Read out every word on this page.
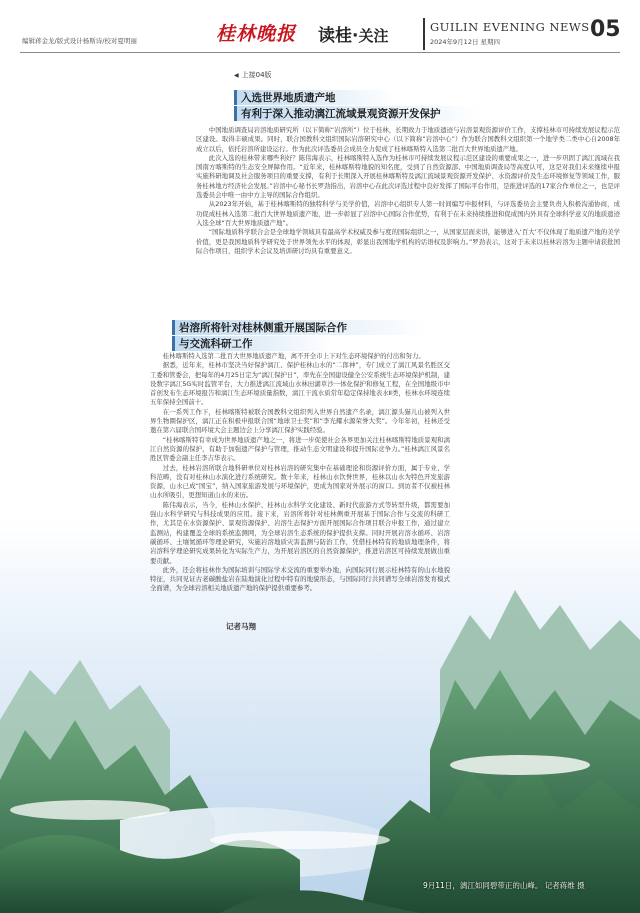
编辑蒋金龙/版式设计杨斯诗/校对夏明丽	桂林晚报 读桂·关注	GUILIN EVENING NEWS
2024年9月12日 星期四	05
◀ 上接04版
入选世界地质遗产地
有利于深入推动漓江流域景观资源开发保护

中国地质调查局岩溶地质研究所（以下简称“岩溶所”）位于桂林，长期致力于地质遗迹与岩溶景观资源评价工作，支撑桂林市可持续发展议程示范区建设。取得丰硕成果。同时，联合国教科文组织国际岩溶研究中心（以下简称“岩溶中心”）作为联合国教科文组织第一个地学类二类中心自2008年成立以后，依托岩溶所建设运行。作为此次评选委员会成员全力促成了桂林喀斯特入选第二批百大世界地质遗产地。

此次入选的桂林带来哪些利好？陈伟海表示，桂林喀斯特入选作为桂林市可持续发展议程示范区建设的重要成果之一，进一步巩固了漓江流域在我国南方喀斯特的生态安全屏障作用。“近年来，桂林喀斯特地貌的知名度，受到了自然资源部、中国地质调查局等高度认可，这是对我们未来继续申报实施科研地调及社会服务项目的重要支撑，有利于长期深入开展桂林喀斯特及漓江流域景观资源开发保护、水资源评价及生态环境修复等领域工作，服务桂林地方经济社会发展。”岩溶中心秘书长罗劲指出，岩溶中心在此次评选过程中良好发挥了国际平台作用，是推进评选的17家合作单位之一，也是评选委员会中唯一由中方主导的国际合作组织。

从2023年开始，基于桂林喀斯特的独特科学与美学价值，岩溶中心组织专人第一时间编写申报材料，与评选委员会主要负责人积极沟通协商，成功促成桂林入选第二批百大世界地质遗产地，进一步彰显了岩溶中心国际合作优势，有利于在未来持续推进和促成国内外具有全球科学意义的地质遗迹入选全球“百大世界地质遗产地”。

“国际地质科学联合会是全球地学领域具有最高学术权威及参与度的国际组织之一，从国家层面来讲，能够进入‘百大’不仅体现了地质遗产地的美学价值，更是我国地质科学研究处于世界领先水平的体现，彰显出我国地学机构的话语权及影响力。”罗劲表示，这对于未来以桂林岩溶为主题申请获批国际合作项目，组织学术会议及培训研讨均具有重要意义。

岩溶所将针对桂林侧重开展国际合作
与交流科研工作

桂林喀斯特入选第二批百大世界地质遗产地，离不开全市上下对生态环境保护的付出和努力。

据悉，近年来，桂林市坚决当好保护漓江、保护桂林山水的“二郎神”，专门成立了漓江风景名胜区交工委和管委会，把每年的4月25日定为“漓江保护日”，率先在全国建设健全公安系统生态环境保护机制，建设数字漓江5G实时监管平台，大力推进漓江流域山水林田湖草沙一体化保护和修复工程，在全国地级市中首创发布生态环境报告和漓江生态环境质量指数，漓江干流水质常年稳定保持地表水Ⅱ类，桂林水环境连续五年保持全国前十。

在一系列工作下，桂林喀斯特被联合国教科文组织列入世界自然遗产名录，漓江源头猫儿山被列入世界生物圈保护区，漓江正在积极申报联合国“地球卫士奖”和“李光耀水源荣誉大奖”。今年年初，桂林还受邀在第六届联合国环境大会主题边会上分享漓江保护实践经验。

“桂林喀斯特有幸成为世界地质遗产地之一，将进一步促使社会各界更加关注桂林喀斯特地质景观和漓江自然资源的保护，有助于加强遗产保护与管理，推动生态文明建设和提升国际竞争力。”桂林漓江风景名胜区管委会副主任李吉华表示。

过去，桂林岩溶所联合地科研单位对桂林岩溶的研究集中在基础理论和资源评价方面，属于专业、学科范畴，没有对桂林山水演化进行系统研究。数十年来，桂林山水饮誉世界，桂林以山水为特色开发旅游资源，山水已成“国宝”，纳入国家旅游发展与环境保护，更成为国家对外展示的窗口。到访者不仅被桂林山水所吸引，更想知道山水的来历。

陈伟海表示，当今，桂林山水保护、桂林山水科学文化建设、新时代旅游方式等转型升级，都需要加强山水科学研究与科技成果的应用。接下来，岩溶所将针对桂林侧重开展基于国际合作与交流的科研工作，尤其是在水资源保护、景观资源保护、岩溶生态保护方面开展国际合作项目联合申报工作，通过建立监测站，构建覆盖全球的系统监测网，为全球岩溶生态系统的保护提供支撑。同时开展岩溶水循环、岩溶碳循环、土壤氮循环等理论研究，实施岩溶地质灾害监测与防治工作，凭借桂林特有的地质地理条件，将岩溶科学理论研究成果转化为实际生产力，为开展岩溶区的自然资源保护，推进岩溶区可持续发展做出重要贡献。

此外，还会将桂林作为国际培训与国际学术交流的重要举办地，向国际同行展示桂林特有的山水地貌特征，共同见证古老碳酸盐岩在陆地演化过程中特有的地貌形态，与国际同行共同谱写全球岩溶发育模式全面谱，为全球岩溶相关地质遗产地的保护提供重要参考。

记者马翔
9月11日，漓江如同碧带正的山峰。 记者蒋维 摄
